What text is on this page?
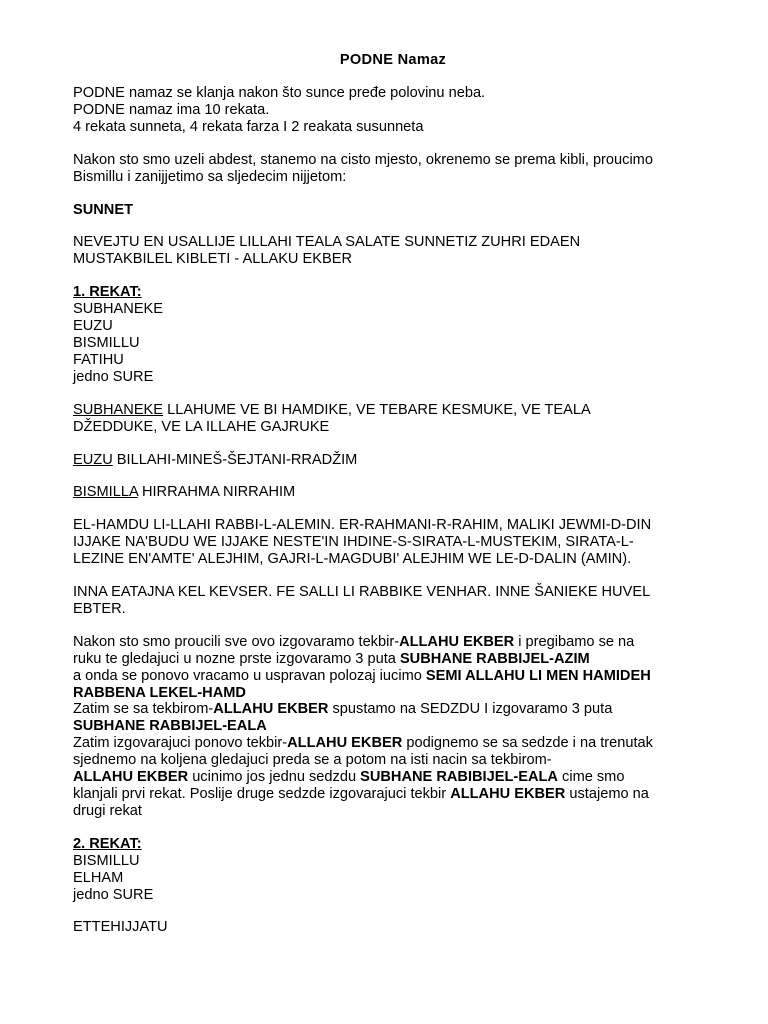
PODNE Namaz
PODNE namaz se klanja nakon što sunce pređe polovinu neba.
PODNE namaz ima 10 rekata.
4 rekata sunneta, 4 rekata farza I 2 reakata susunneta
Nakon sto smo uzeli abdest, stanemo na cisto mjesto, okrenemo se prema kibli, proucimo
Bismillu i zanijjetimo sa sljedecim nijjetom:
SUNNET
NEVEJTU EN USALLIJE LILLAHI TEALA SALATE SUNNETIZ ZUHRI EDAEN
MUSTAKBILEL KIBLETI - ALLAKU EKBER
1. REKAT:
SUBHANEKE
EUZU
BISMILLU
FATIHU
jedno SURE
SUBHANEKE LLAHUME VE BI HAMDIKE, VE TEBARE KESMUKE, VE TEALA
DŽEDDUKE, VE LA ILLAHE GAJRUKE
EUZU BILLAHI-MINEŠ-ŠEJTANI-RRADŽIM
BISMILLA HIRRAHMA NIRRAHIM
EL-HAMDU LI-LLAHI RABBI-L-ALEMIN. ER-RAHMANI-R-RAHIM, MALIKI JEWMI-D-DIN
IJJAKE NA'BUDU WE IJJAKE NESTE'IN IHDINE-S-SIRATA-L-MUSTEKIM, SIRATA-L-
LEZINE EN'AMTE' ALEJHIM, GAJRI-L-MAGDUBI' ALEJHIM WE LE-D-DALIN (AMIN).
INNA EATAJNA KEL KEVSER. FE SALLI LI RABBIKE VENHAR. INNE ŠANIEKE HUVEL
EBTER.
Nakon sto smo proucili sve ovo izgovaramo tekbir-ALLAHU EKBER i pregibamo se na
ruku te gledajuci u nozne prste izgovaramo 3 puta SUBHANE RABBIJEL-AZIM
a onda se ponovo vracamo u uspravan polozaj iucimo SEMI ALLAHU LI MEN HAMIDEH
RABBENA LEKEL-HAMD
Zatim se sa tekbirom-ALLAHU EKBER spustamo na SEDZDU I izgovaramo 3 puta
SUBHANE RABBIJEL-EALA
Zatim izgovarajuci ponovo tekbir-ALLAHU EKBER podignemo se sa sedzde i na trenutak
sjednemo na koljena gledajuci preda se a potom na isti nacin sa tekbirom-
ALLAHU EKBER ucinimo jos jednu sedzdu SUBHANE RABIBIJEL-EALA cime smo
klanjali prvi rekat. Poslije druge sedzde izgovarajuci tekbir ALLAHU EKBER ustajemo na
drugi rekat
2. REKAT:
BISMILLU
ELHAM
jedno SURE
ETTEHIJJATU
